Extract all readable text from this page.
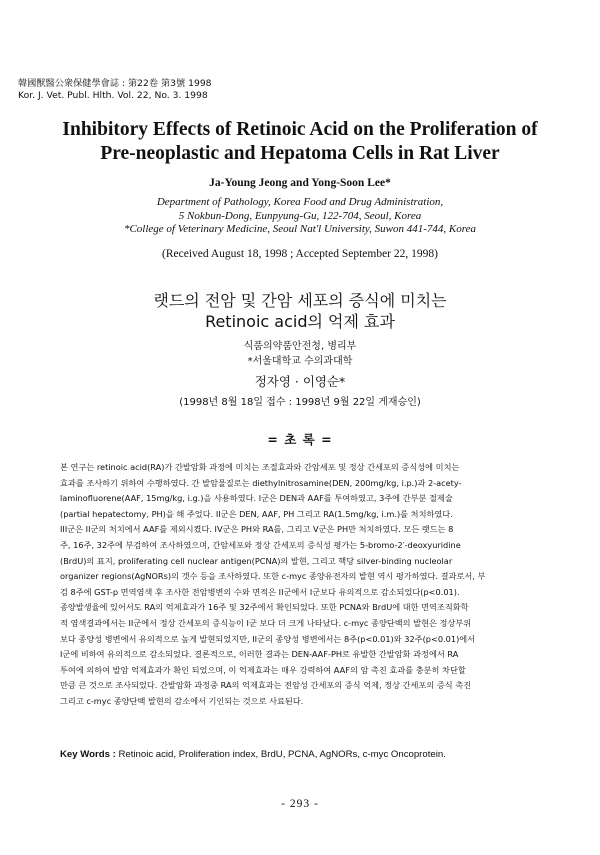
韓國獸醫公衆保健學會誌 : 第22卷 第3號 1998
Kor. J. Vet. Publ. Hlth. Vol. 22, No. 3. 1998
Inhibitory Effects of Retinoic Acid on the Proliferation of
Pre-neoplastic and Hepatoma Cells in Rat Liver
Ja-Young Jeong and Yong-Soon Lee*
Department of Pathology, Korea Food and Drug Administration,
5 Nokbun-Dong, Eunpyung-Gu, 122-704, Seoul, Korea
*College of Veterinary Medicine, Seoul Nat'l University, Suwon 441-744, Korea
(Received August 18, 1998 ; Accepted September 22, 1998)
랫드의 전암 및 간암 세포의 증식에 미치는
Retinoic acid의 억제 효과
식품의약품안전청, 병리부
*서울대학교 수의과대학
정자영 · 이영순*
(1998년 8월 18일 접수 : 1998년 9월 22일 게재승인)
= 초 록 =
본 연구는 retinoic acid(RA)가 간발암화 과정에 미치는 조절효과와 간암세포 및 정상 간세포의 증식성에 미치는
효과를 조사하기 위하여 수행하였다. 간 발암물질로는 diethylnitrosamine(DEN, 200mg/kg, i.p.)과 2-acety-
laminofluorene(AAF, 15mg/kg, i.g.)을 사용하였다. I군은 DEN과 AAF를 투여하였고, 3주에 간부분 절제술
(partial hepatectomy, PH)을 해 주었다. II군은 DEN, AAF, PH 그리고 RA(1.5mg/kg, i.m.)를 처치하였다.
III군은 II군의 처치에서 AAF를 제외시켰다. IV군은 PH와 RA를, 그리고 V군은 PH만 처치하였다. 모든 랫드는 8
주, 16주, 32주에 부검하여 조사하였으며, 간암세포와 정상 간세포의 증식성 평가는 5-bromo-2′-deoxyuridine
(BrdU)의 표지, proliferating cell nuclear antigen(PCNA)의 발현, 그리고 핵당 silver-binding nucleolar
organizer regions(AgNORs)의 갯수 등을 조사하였다. 또한 c-myc 종양유전자의 발현 역시 평가하였다. 결과로서, 부
검 8주에 GST-p 면역염색 후 조사한 전암병변의 수와 면적은 II군에서 I군보다 유의적으로 감소되었다(p<0.01).
종양발생율에 있어서도 RA의 억제효과가 16주 및 32주에서 확인되었다. 또한 PCNA와 BrdU에 대한 면역조직화학
적 염색결과에서는 II군에서 정상 간세포의 증식능이 I군 보다 더 크게 나타났다. c-myc 종양단백의 발현은 정상부위
보다 종양성 병변에서 유의적으로 높게 발현되었지만, II군의 종양성 병변에서는 8주(p<0.01)와 32주(p<0.01)에서
I군에 비하여 유의적으로 감소되었다. 결론적으로, 이러한 결과는 DEN-AAF-PH로 유발한 간발암화 과정에서 RA
투여에 의하여 발암 억제효과가 확인 되었으며, 이 억제효과는 매우 강력하여 AAF의 암 촉진 효과를 충분히 차단할
만큼 큰 것으로 조사되었다. 간발암화 과정중 RA의 억제효과는 전암성 간세포의 증식 억제, 정상 간세포의 증식 촉진
그리고 c-myc 종양단백 발현의 감소에서 기인되는 것으로 사료된다.
Key Words : Retinoic acid, Proliferation index, BrdU, PCNA, AgNORs, c-myc Oncoprotein.
- 293 -
